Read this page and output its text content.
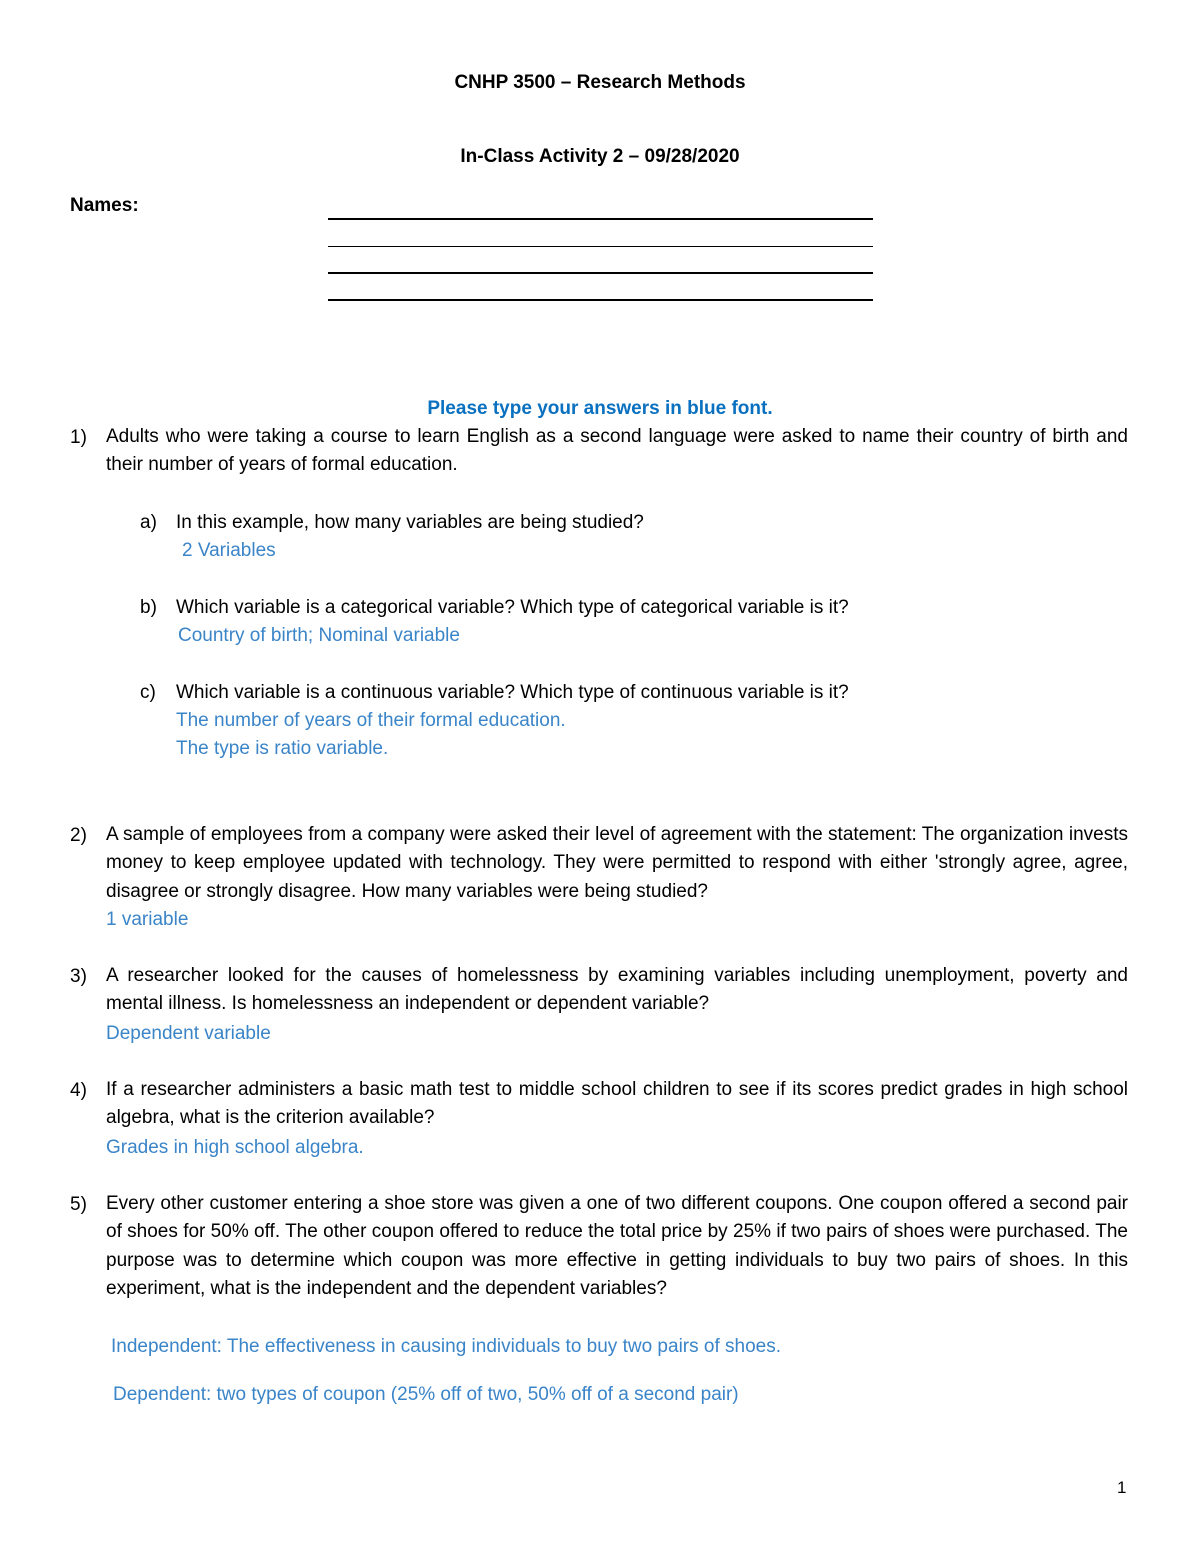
CNHP 3500 – Research Methods
In-Class Activity 2 – 09/28/2020
Names:
Please type your answers in blue font.
1) Adults who were taking a course to learn English as a second language were asked to name their country of birth and their number of years of formal education.
a) In this example, how many variables are being studied?
2 Variables
b) Which variable is a categorical variable? Which type of categorical variable is it?
Country of birth; Nominal variable
c) Which variable is a continuous variable? Which type of continuous variable is it?
The number of years of their formal education.
The type is ratio variable.
2) A sample of employees from a company were asked their level of agreement with the statement: The organization invests money to keep employee updated with technology. They were permitted to respond with either 'strongly agree, agree, disagree or strongly disagree. How many variables were being studied?
1 variable
3) A researcher looked for the causes of homelessness by examining variables including unemployment, poverty and mental illness. Is homelessness an independent or dependent variable?
Dependent variable
4) If a researcher administers a basic math test to middle school children to see if its scores predict grades in high school algebra, what is the criterion available?
Grades in high school algebra.
5) Every other customer entering a shoe store was given a one of two different coupons. One coupon offered a second pair of shoes for 50% off. The other coupon offered to reduce the total price by 25% if two pairs of shoes were purchased. The purpose was to determine which coupon was more effective in getting individuals to buy two pairs of shoes. In this experiment, what is the independent and the dependent variables?
Independent: The effectiveness in causing individuals to buy two pairs of shoes.
Dependent: two types of coupon (25% off of two, 50% off of a second pair)
1
